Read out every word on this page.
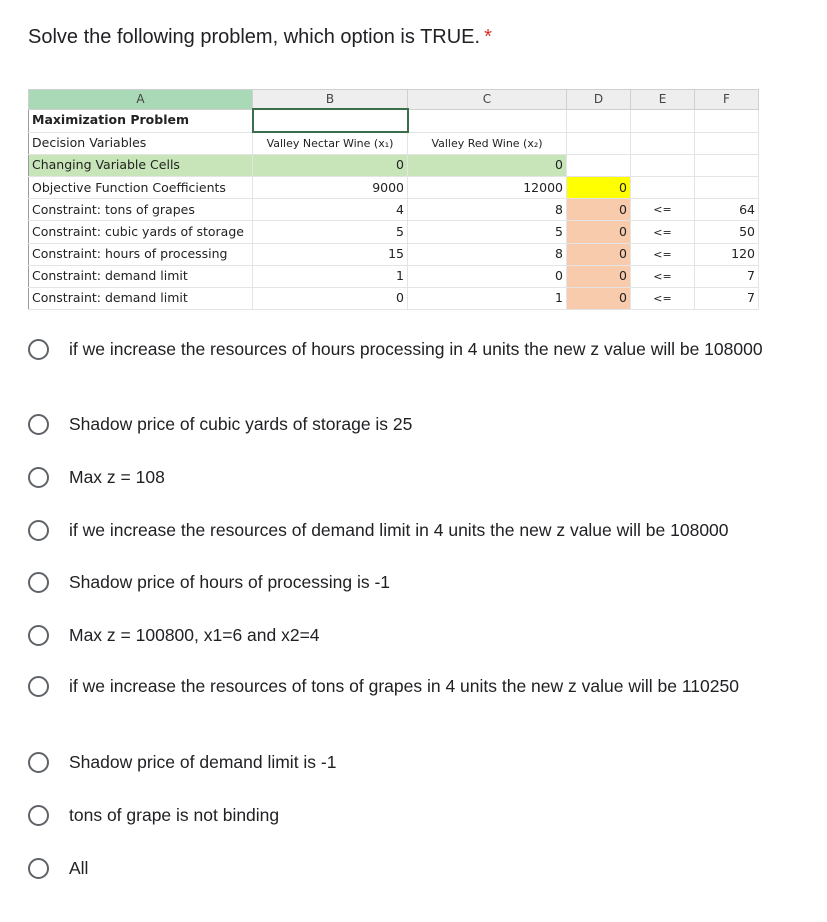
Solve the following problem, which option is TRUE. *
A	B	C	D	E	F
Maximization Problem					
Decision Variables	Valley Nectar Wine (x₁)	Valley Red Wine (x₂)			
Changing Variable Cells	0	0			
Objective Function Coefficients	9000	12000	0		
Constraint: tons of grapes	4	8	0	<=	64
Constraint: cubic yards of storage	5	5	0	<=	50
Constraint: hours of processing	15	8	0	<=	120
Constraint: demand limit	1	0	0	<=	7
Constraint: demand limit	0	1	0	<=	7
if we increase the resources of hours processing in 4 units the new z value will be 108000
Shadow price of cubic yards of storage is 25
Max z = 108
if we increase the resources of demand limit in 4 units the new z value will be 108000
Shadow price of hours of processing is -1
Max z = 100800, x1=6 and x2=4
if we increase the resources of tons of grapes in 4 units the new z value will be 110250
Shadow price of demand limit is -1
tons of grape is not binding
All
